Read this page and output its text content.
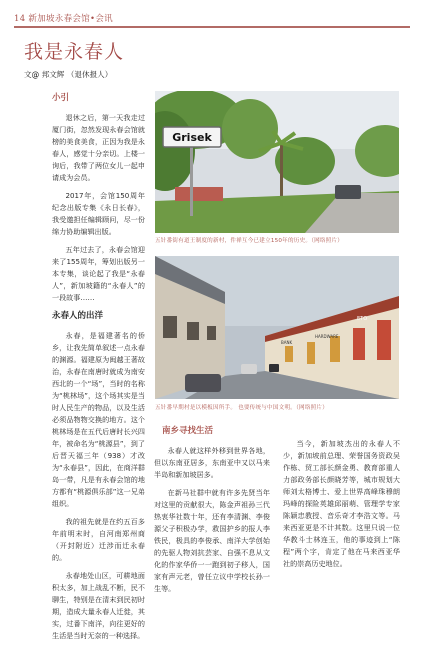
14 新加坡永春会馆•会讯
我是永春人
文@ 邦文辉 （退休报人）
小引

退休之后，第一天我走过厦门街，忽然发现永春会馆就榜的美食美食，正因为我是永春人，感觉十分亲切。上楼一询后，我带了两位女儿一起申请成为会员。

2017年，会馆150周年纪念出版专集《永日长春》，我受邀担任编辑顾问，尽一份绵力协助编辑出版。

五年过去了，永春会馆迎来了155周年，筹划出版另一本专集，谈论起了我是“永春人”，新加坡籍的“永春人”的一段故事……

Grisek
五针番街有道王制度的新村，件禅互今已建立150年的历史。（网络照片）
永春人的出洋

永春，是福建著名的侨乡，让我先简单叙述一点永春的渊源。福建原为闽越王著故治，永春在南唐时就成为南安西北的一个“场”，当时的名称为“桃林场”，这个场其实是当时人民生产的物品，以及生活必须品物物交换的地方。这个桃林场是在五代后唐时长兴四年，被命名为“桃源县”，到了后晋天福三年（938）才改为“永春县”，因此，在商洋群岛一带，凡是有永春会馆的地方都有“桃源俱乐部”这一兄弟组织。

我的祖先就是在约五百多年前明末时，自河南郑州商（开封附近）迁涉而迁永春的。

永春地处山区，可耕地面积太多，加上战乱不断，民不聊生，特别是在清末到民初时期，造成大量永春人迁徙，其实，过番下南洋，向往更好的生活是当时无奈的一种选择。

ETO
HARDWARE
BANK
五针番早期村是以模板因所手。 也要传统与中国文明。（网络照片）
南乡寻找生活

永春人就这样外移到世界各地，但以东南亚居多，东南亚中又以马来半岛和新加坡居多。

在新马社群中就有许多先贤当年对这里的贡献很大，陈金声祖孙三代热衷华社数十年，还有李清渊、李俊源父子积极办学，救国护乡的报人李铁民，极具的李俊承、南洋大学创始的先驱人物刘抗芸家、自强不息从文化的作家华侨一一跑到初子移人，国家有声元老，曾任立议中学校长孙一生等。

当今，新加坡杰出的永春人不少，新加坡前总理、荣誉国务资政吴作栋、贸工部长颜金勇、教育部重人力部政务部长颜晓芳等，城市规划大师刘太格博士、爱上世界高峰珠穆朗玛峰的探险英雄邱丽萌、管理学专家陈颖忠教授、音乐奇才李浩文等。马来西亚更是不计其数。这里只说一位华教斗士林连玉，他的事迹到上“陈程”两个字，肯定了他在马来西亚华社的崇高历史地位。
